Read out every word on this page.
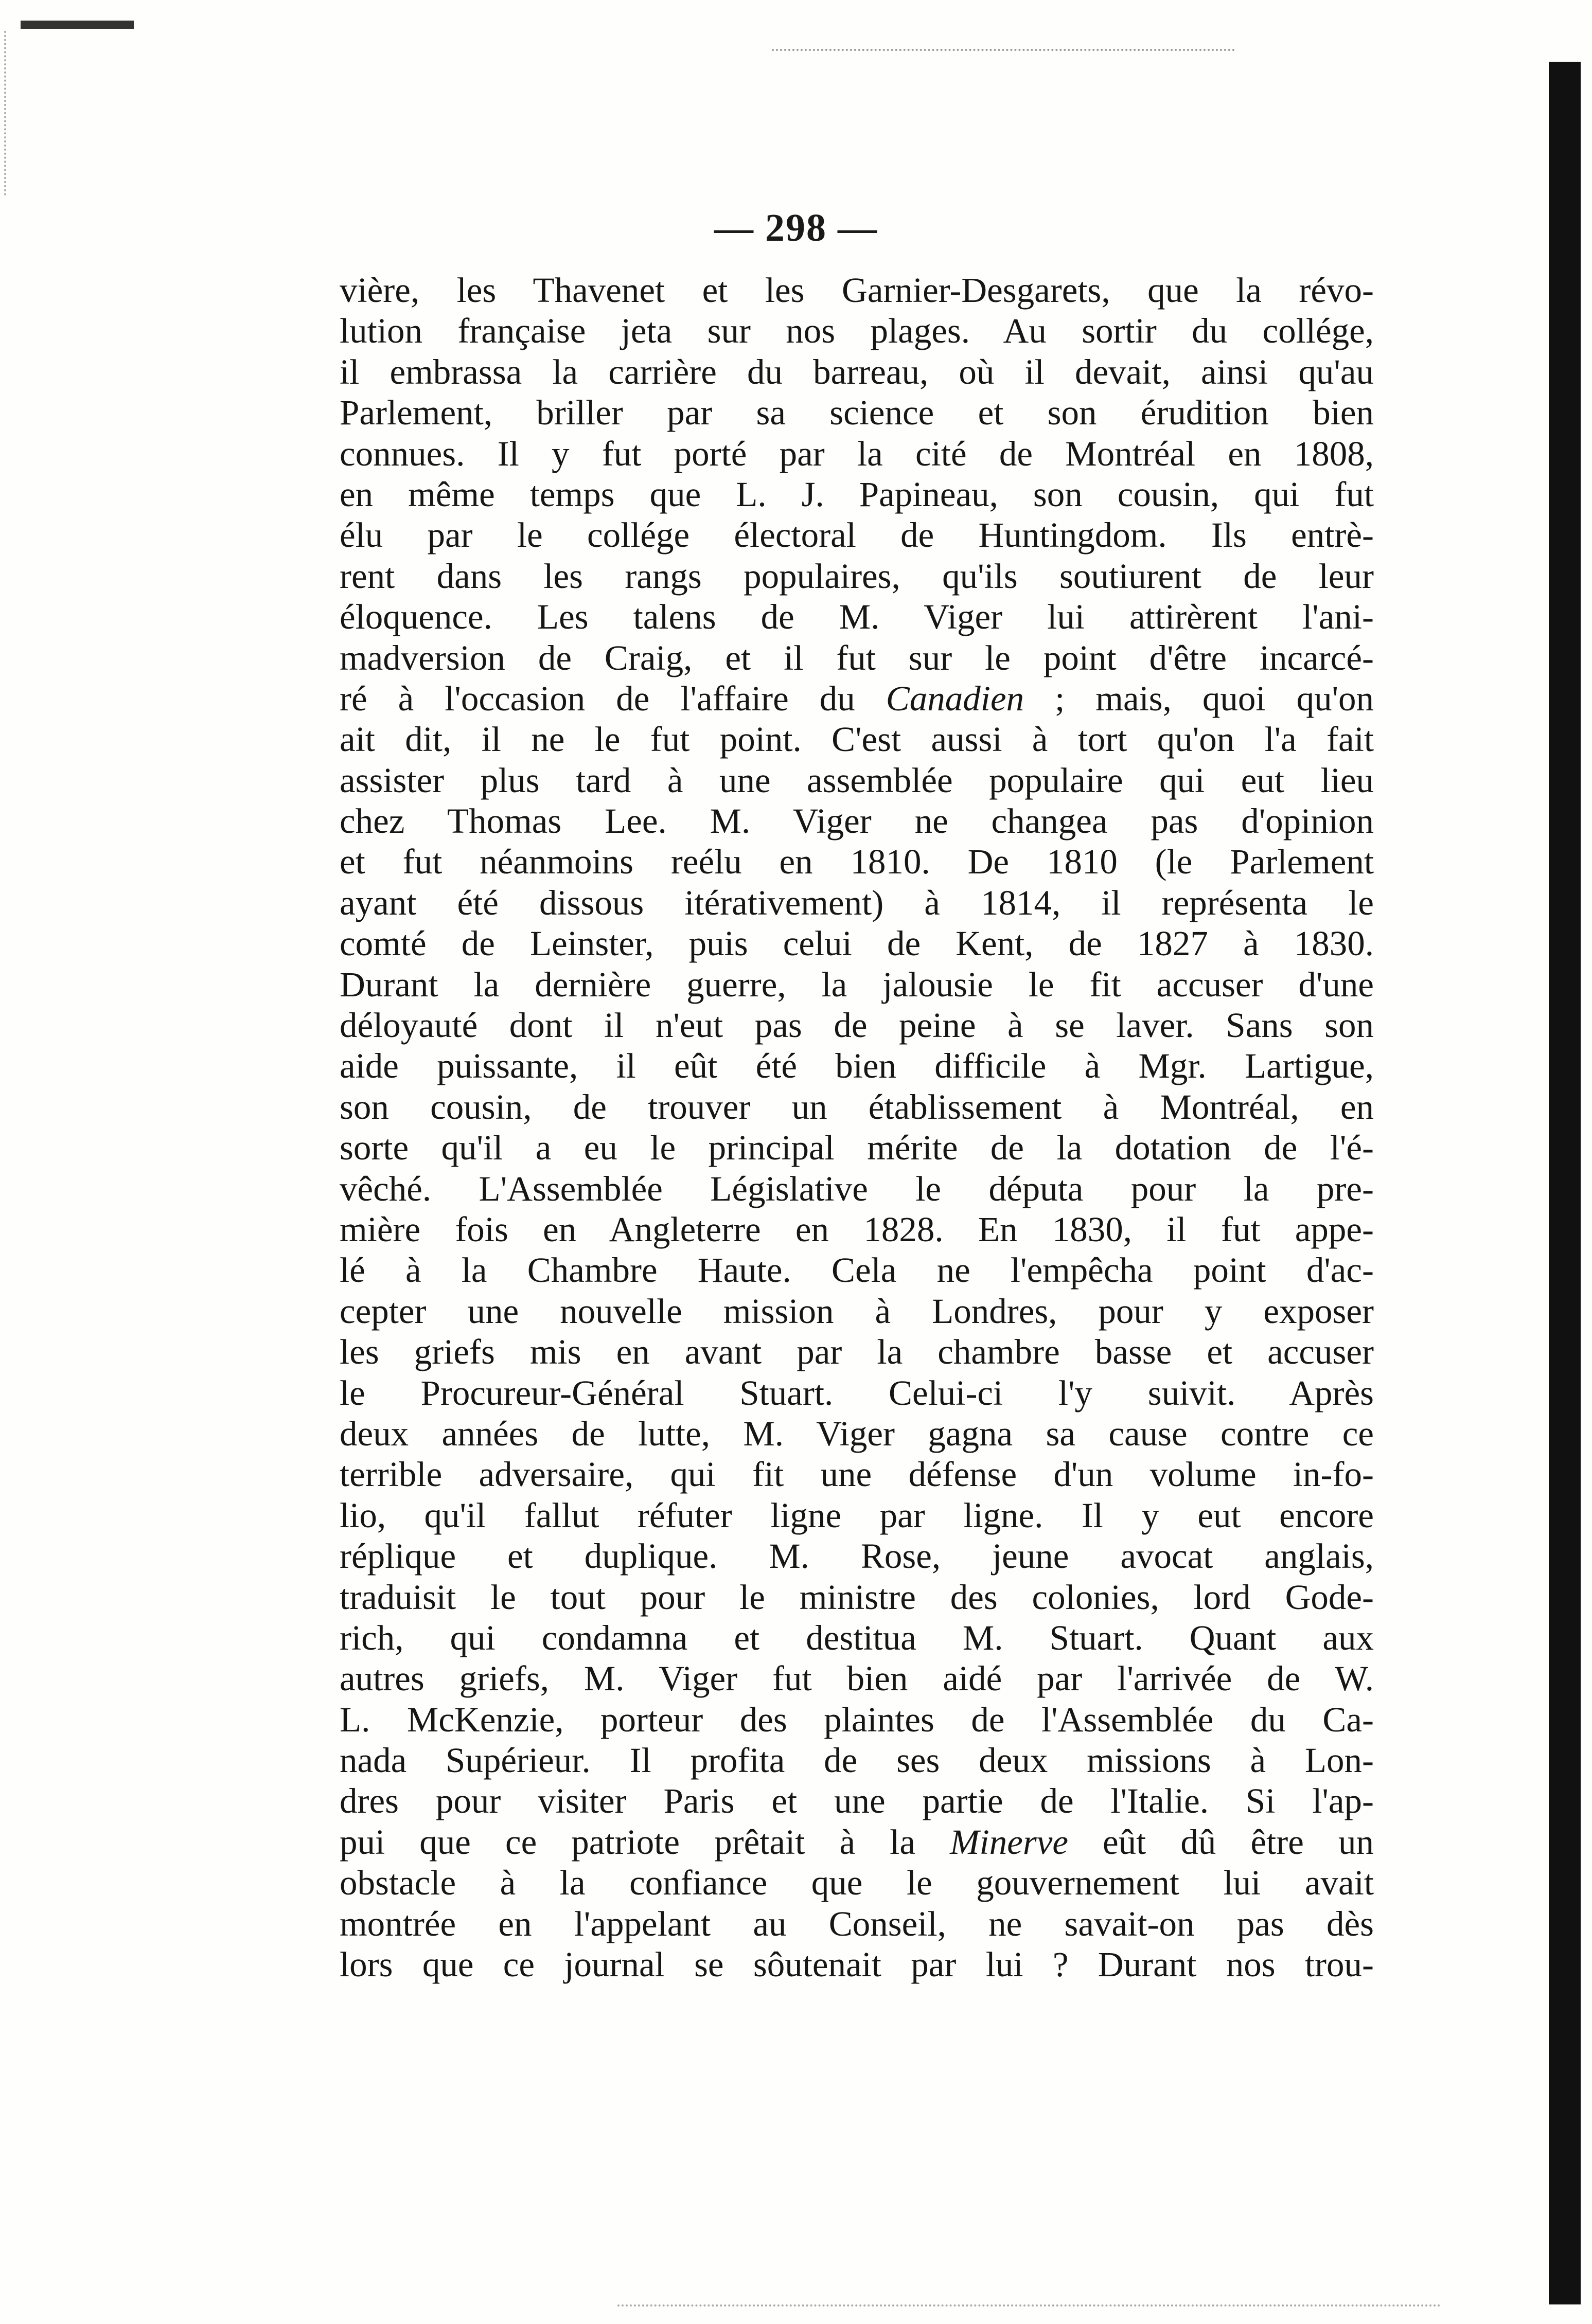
— 298 —
vière, les Thavenet et les Garnier-Desgarets, que la révo-
lution française jeta sur nos plages. Au sortir du collége,
il embrassa la carrière du barreau, où il devait, ainsi qu'au
Parlement, briller par sa science et son érudition bien
connues. Il y fut porté par la cité de Montréal en 1808,
en même temps que L. J. Papineau, son cousin, qui fut
élu par le collége électoral de Huntingdom. Ils entrè-
rent dans les rangs populaires, qu'ils soutiurent de leur
éloquence. Les talens de M. Viger lui attirèrent l'ani-
madversion de Craig, et il fut sur le point d'être incarcé-
ré à l'occasion de l'affaire du Canadien ; mais, quoi qu'on
ait dit, il ne le fut point. C'est aussi à tort qu'on l'a fait
assister plus tard à une assemblée populaire qui eut lieu
chez Thomas Lee. M. Viger ne changea pas d'opinion
et fut néanmoins reélu en 1810. De 1810 (le Parlement
ayant été dissous itérativement) à 1814, il représenta le
comté de Leinster, puis celui de Kent, de 1827 à 1830.
Durant la dernière guerre, la jalousie le fit accuser d'une
déloyauté dont il n'eut pas de peine à se laver. Sans son
aide puissante, il eût été bien difficile à Mgr. Lartigue,
son cousin, de trouver un établissement à Montréal, en
sorte qu'il a eu le principal mérite de la dotation de l'é-
vêché. L'Assemblée Législative le députa pour la pre-
mière fois en Angleterre en 1828. En 1830, il fut appe-
lé à la Chambre Haute. Cela ne l'empêcha point d'ac-
cepter une nouvelle mission à Londres, pour y exposer
les griefs mis en avant par la chambre basse et accuser
le Procureur-Général Stuart. Celui-ci l'y suivit. Après
deux années de lutte, M. Viger gagna sa cause contre ce
terrible adversaire, qui fit une défense d'un volume in-fo-
lio, qu'il fallut réfuter ligne par ligne. Il y eut encore
réplique et duplique. M. Rose, jeune avocat anglais,
traduisit le tout pour le ministre des colonies, lord Gode-
rich, qui condamna et destitua M. Stuart. Quant aux
autres griefs, M. Viger fut bien aidé par l'arrivée de W.
L. McKenzie, porteur des plaintes de l'Assemblée du Ca-
nada Supérieur. Il profita de ses deux missions à Lon-
dres pour visiter Paris et une partie de l'Italie. Si l'ap-
pui que ce patriote prêtait à la Minerve eût dû être un
obstacle à la confiance que le gouvernement lui avait
montrée en l'appelant au Conseil, ne savait-on pas dès
lors que ce journal se sôutenait par lui ? Durant nos trou-
